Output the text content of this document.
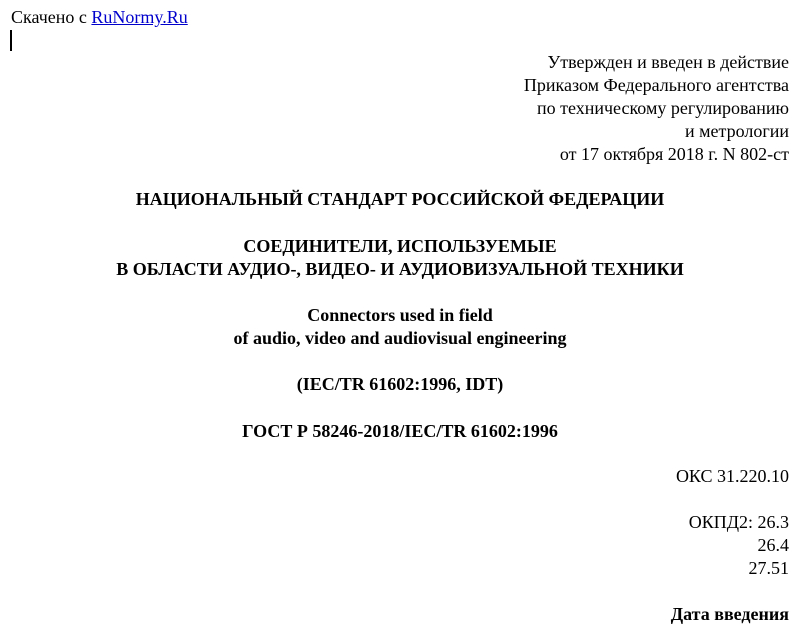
Скачено с RuNormy.Ru
Утвержден и введен в действие
Приказом Федерального агентства
по техническому регулированию
и метрологии
от 17 октября 2018 г. N 802-ст
НАЦИОНАЛЬНЫЙ СТАНДАРТ РОССИЙСКОЙ ФЕДЕРАЦИИ
СОЕДИНИТЕЛИ, ИСПОЛЬЗУЕМЫЕ
В ОБЛАСТИ АУДИО-, ВИДЕО- И АУДИОВИЗУАЛЬНОЙ ТЕХНИКИ
Connectors used in field
of audio, video and audiovisual engineering
(IEC/TR 61602:1996, IDT)
ГОСТ Р 58246-2018/IEC/TR 61602:1996
ОКС 31.220.10
ОКПД2: 26.3
26.4
27.51
Дата введения
